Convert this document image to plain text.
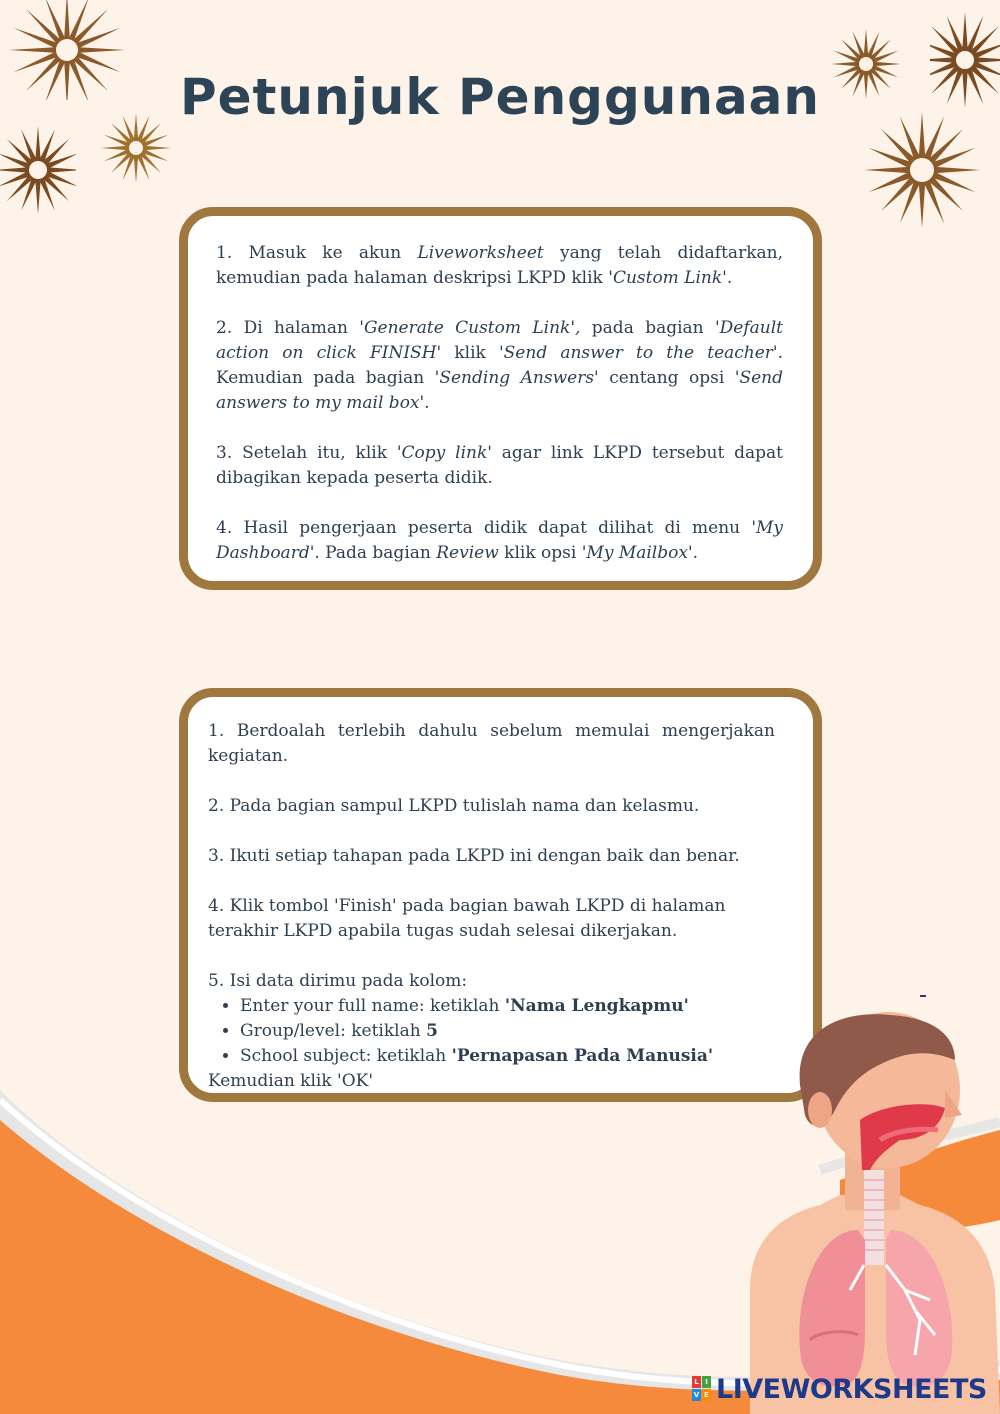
Petunjuk Penggunaan

1. Masuk ke akun Liveworksheet yang telah didaftarkan, kemudian pada halaman deskripsi LKPD klik 'Custom Link'.

2. Di halaman 'Generate Custom Link', pada bagian 'Default action on click FINISH' klik 'Send answer to the teacher'. Kemudian pada bagian 'Sending Answers' centang opsi 'Send answers to my mail box'.

3. Setelah itu, klik 'Copy link' agar link LKPD tersebut dapat dibagikan kepada peserta didik.

4. Hasil pengerjaan peserta didik dapat dilihat di menu 'My Dashboard'. Pada bagian Review klik opsi 'My Mailbox'.

1. Berdoalah terlebih dahulu sebelum memulai mengerjakan kegiatan.

2. Pada bagian sampul LKPD tulislah nama dan kelasmu.

3. Ikuti setiap tahapan pada LKPD ini dengan baik dan benar.

4. Klik tombol 'Finish' pada bagian bawah LKPD di halaman terakhir LKPD apabila tugas sudah selesai dikerjakan.

5. Isi data dirimu pada kolom:

• Enter your full name: ketiklah 'Nama Lengkapmu'
• Group/level: ketiklah 5
• School subject: ketiklah 'Pernapasan Pada Manusia'

Kemudian klik 'OK'

L I
V E LIVEWORKSHEETS
